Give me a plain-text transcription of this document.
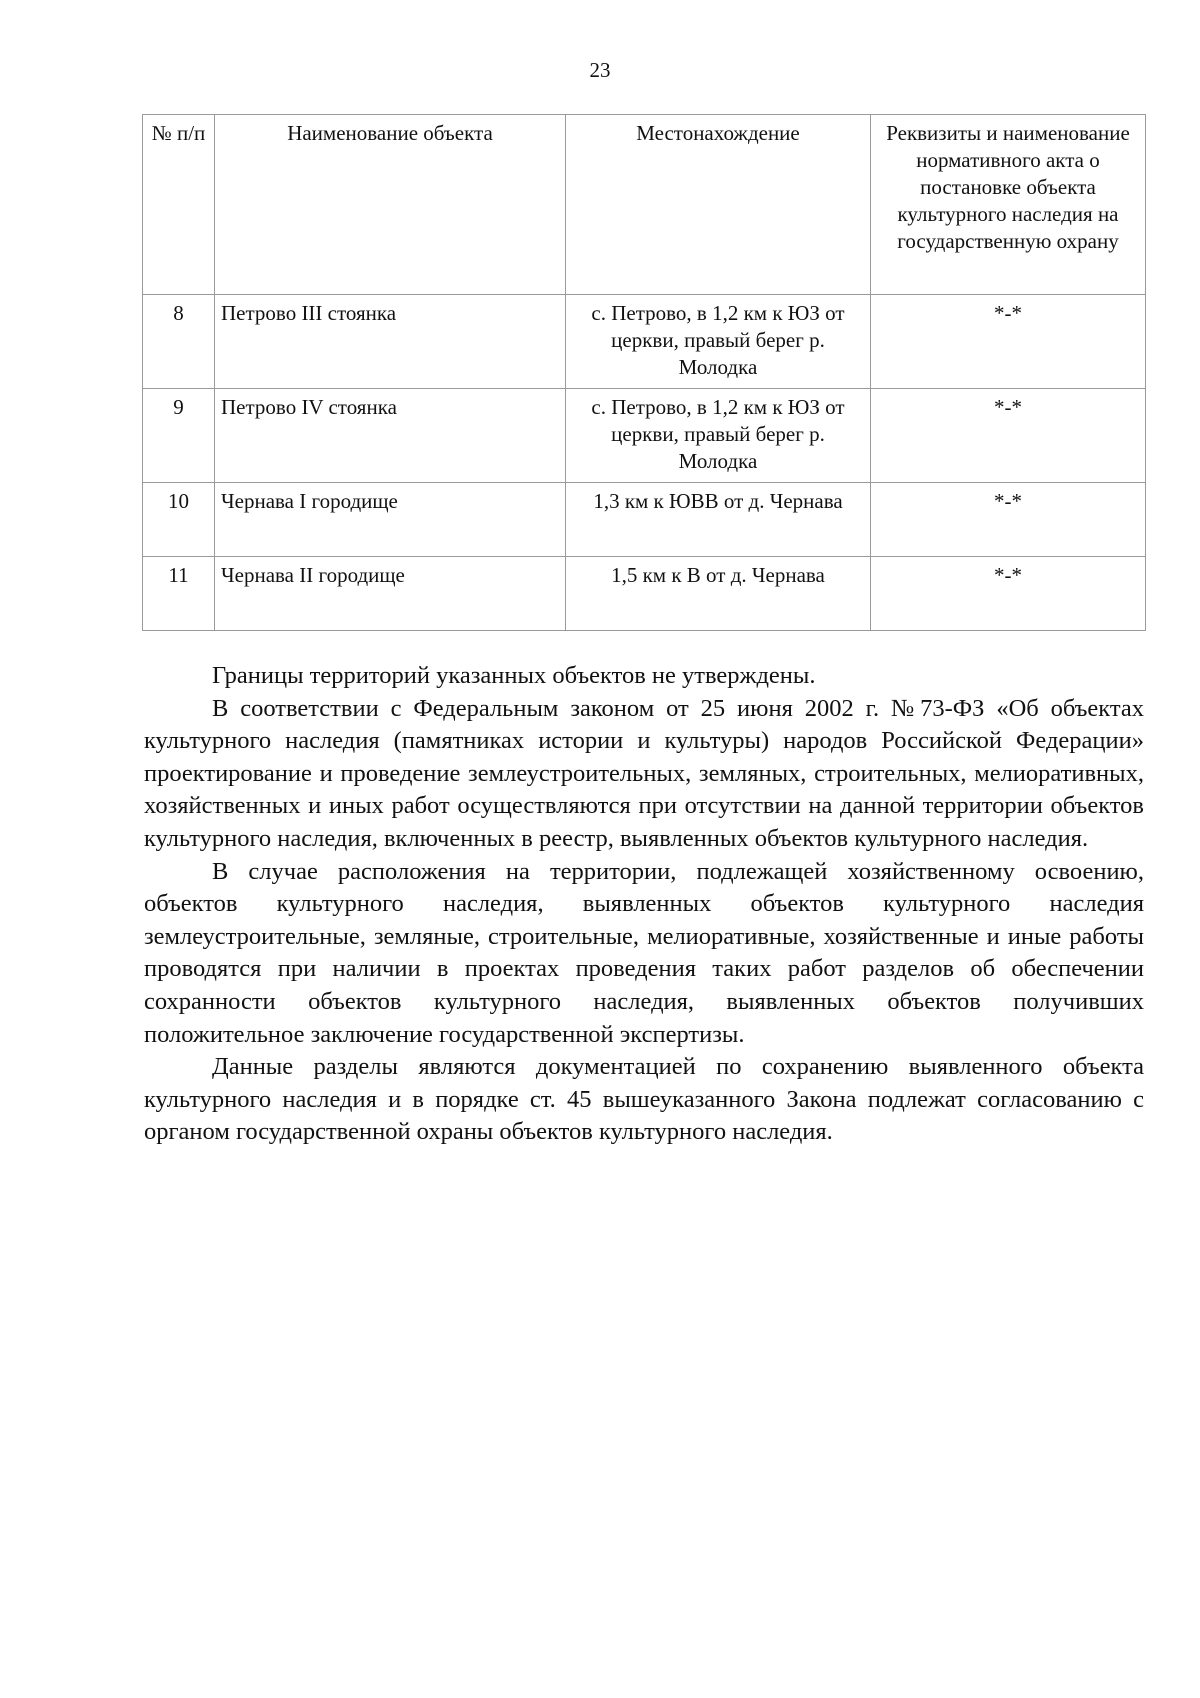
23
№ п/п	Наименование объекта	Местонахождение	Реквизиты и наименование нормативного акта о постановке объекта культурного наследия на государственную охрану
8	Петрово III стоянка	с. Петрово, в 1,2 км к ЮЗ от церкви, правый берег р. Молодка	*-*
9	Петрово IV стоянка	с. Петрово, в 1,2 км к ЮЗ от церкви, правый берег р. Молодка	*-*
10	Чернава I городище	1,3 км к ЮВВ от д. Чернава	*-*
11	Чернава II городище	1,5 км к В от д. Чернава	*-*

Границы территорий указанных объектов не утверждены.

В соответствии с Федеральным законом от 25 июня 2002 г. №73-ФЗ «Об объектах культурного наследия (памятниках истории и культуры) народов Российской Федерации» проектирование и проведение землеустроительных, земляных, строительных, мелиоративных, хозяйственных и иных работ осуществляются при отсутствии на данной территории объектов культурного наследия, включенных в реестр, выявленных объектов культурного наследия.

В случае расположения на территории, подлежащей хозяйственному освоению, объектов культурного наследия, выявленных объектов культурного наследия землеустроительные, земляные, строительные, мелиоративные, хозяйственные и иные работы проводятся при наличии в проектах проведения таких работ разделов об обеспечении сохранности объектов культурного наследия, выявленных объектов получивших положительное заключение государственной экспертизы.

Данные разделы являются документацией по сохранению выявленного объекта культурного наследия и в порядке ст. 45 вышеуказанного Закона подлежат согласованию с органом государственной охраны объектов культурного наследия.
